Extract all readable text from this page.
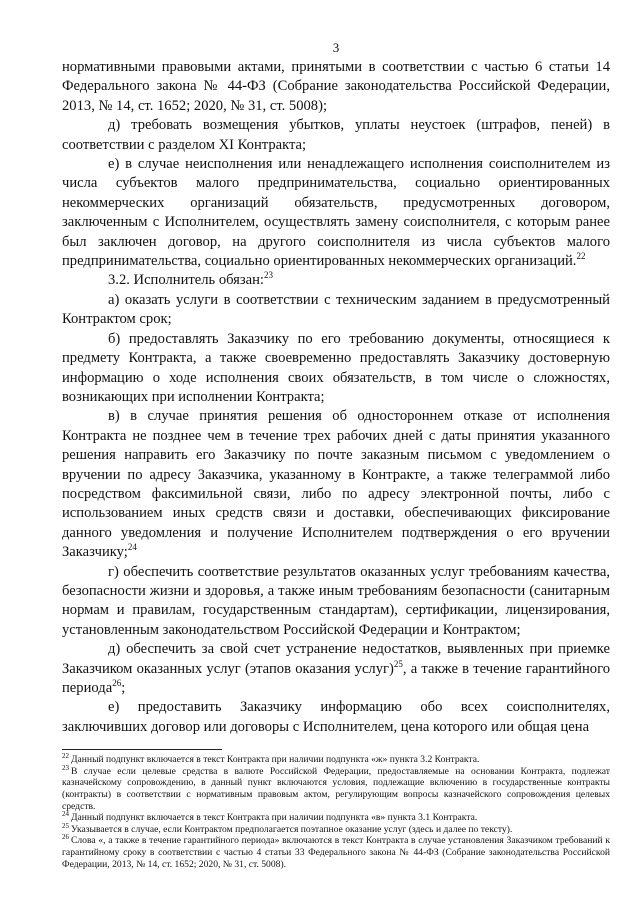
3

нормативными правовыми актами, принятыми в соответствии с частью 6 статьи 14 Федерального закона № 44-ФЗ (Собрание законодательства Российской Федерации, 2013, № 14, ст. 1652; 2020, № 31, ст. 5008);

д) требовать возмещения убытков, уплаты неустоек (штрафов, пеней) в соответствии с разделом XI Контракта;

е) в случае неисполнения или ненадлежащего исполнения соисполнителем из числа субъектов малого предпринимательства, социально ориентированных некоммерческих организаций обязательств, предусмотренных договором, заключенным с Исполнителем, осуществлять замену соисполнителя, с которым ранее был заключен договор, на другого соисполнителя из числа субъектов малого предпринимательства, социально ориентированных некоммерческих организаций.$^{22}$

3.2. Исполнитель обязан:$^{23}$

а) оказать услуги в соответствии с техническим заданием в предусмотренный Контрактом срок;

б) предоставлять Заказчику по его требованию документы, относящиеся к предмету Контракта, а также своевременно предоставлять Заказчику достоверную информацию о ходе исполнения своих обязательств, в том числе о сложностях, возникающих при исполнении Контракта;

в) в случае принятия решения об одностороннем отказе от исполнения Контракта не позднее чем в течение трех рабочих дней с даты принятия указанного решения направить его Заказчику по почте заказным письмом с уведомлением о вручении по адресу Заказчика, указанному в Контракте, а также телеграммой либо посредством факсимильной связи, либо по адресу электронной почты, либо с использованием иных средств связи и доставки, обеспечивающих фиксирование данного уведомления и получение Исполнителем подтверждения о его вручении Заказчику;$^{24}$

г) обеспечить соответствие результатов оказанных услуг требованиям качества, безопасности жизни и здоровья, а также иным требованиям безопасности (санитарным нормам и правилам, государственным стандартам), сертификации, лицензирования, установленным законодательством Российской Федерации и Контрактом;

д) обеспечить за свой счет устранение недостатков, выявленных при приемке Заказчиком оказанных услуг (этапов оказания услуг)$^{25}$, а также в течение гарантийного периода$^{26}$;

е) предоставить Заказчику информацию обо всех соисполнителях, заключивших договор или договоры с Исполнителем, цена которого или общая цена

$^{22}$ Данный подпункт включается в текст Контракта при наличии подпункта «ж» пункта 3.2 Контракта.

$^{23}$ В случае если целевые средства в валюте Российской Федерации, предоставляемые на основании Контракта, подлежат казначейскому сопровождению, в данный пункт включаются условия, подлежащие включению в государственные контракты (контракты) в соответствии с нормативным правовым актом, регулирующим вопросы казначейского сопровождения целевых средств.

$^{24}$ Данный подпункт включается в текст Контракта при наличии подпункта «в» пункта 3.1 Контракта.

$^{25}$ Указывается в случае, если Контрактом предполагается поэтапное оказание услуг (здесь и далее по тексту).

$^{26}$ Слова «, а также в течение гарантийного периода» включаются в текст Контракта в случае установления Заказчиком требований к гарантийному сроку в соответствии с частью 4 статьи 33 Федерального закона № 44-ФЗ (Собрание законодательства Российской Федерации, 2013, № 14, ст. 1652; 2020, № 31, ст. 5008).
